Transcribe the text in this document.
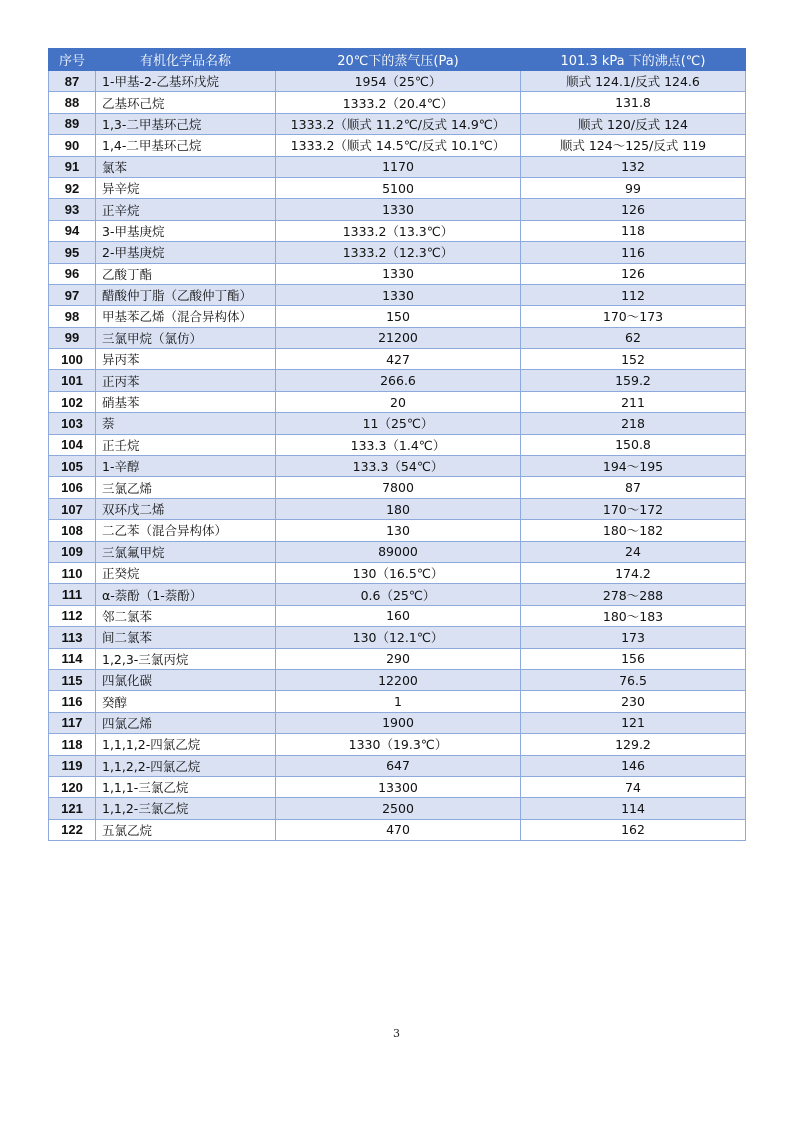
序号	有机化学品名称	20℃下的蒸气压(Pa)	101.3 kPa 下的沸点(℃)
87	1-甲基-2-乙基环戊烷	1954（25℃）	顺式 124.1/反式 124.6
88	乙基环己烷	1333.2（20.4℃）	131.8
89	1,3-二甲基环己烷	1333.2（顺式 11.2℃/反式 14.9℃）	顺式 120/反式 124
90	1,4-二甲基环己烷	1333.2（顺式 14.5℃/反式 10.1℃）	顺式 124～125/反式 119
91	氯苯	1170	132
92	异辛烷	5100	99
93	正辛烷	1330	126
94	3-甲基庚烷	1333.2（13.3℃）	118
95	2-甲基庚烷	1333.2（12.3℃）	116
96	乙酸丁酯	1330	126
97	醋酸仲丁脂（乙酸仲丁酯）	1330	112
98	甲基苯乙烯（混合异构体）	150	170～173
99	三氯甲烷（氯仿）	21200	62
100	异丙苯	427	152
101	正丙苯	266.6	159.2
102	硝基苯	20	211
103	萘	11（25℃）	218
104	正壬烷	133.3（1.4℃）	150.8
105	1-辛醇	133.3（54℃）	194～195
106	三氯乙烯	7800	87
107	双环戊二烯	180	170～172
108	二乙苯（混合异构体）	130	180～182
109	三氯氟甲烷	89000	24
110	正癸烷	130（16.5℃）	174.2
111	α-萘酚（1-萘酚）	0.6（25℃）	278～288
112	邻二氯苯	160	180～183
113	间二氯苯	130（12.1℃）	173
114	1,2,3-三氯丙烷	290	156
115	四氯化碳	12200	76.5
116	癸醇	1	230
117	四氯乙烯	1900	121
118	1,1,1,2-四氯乙烷	1330（19.3℃）	129.2
119	1,1,2,2-四氯乙烷	647	146
120	1,1,1-三氯乙烷	13300	74
121	1,1,2-三氯乙烷	2500	114
122	五氯乙烷	470	162
3
